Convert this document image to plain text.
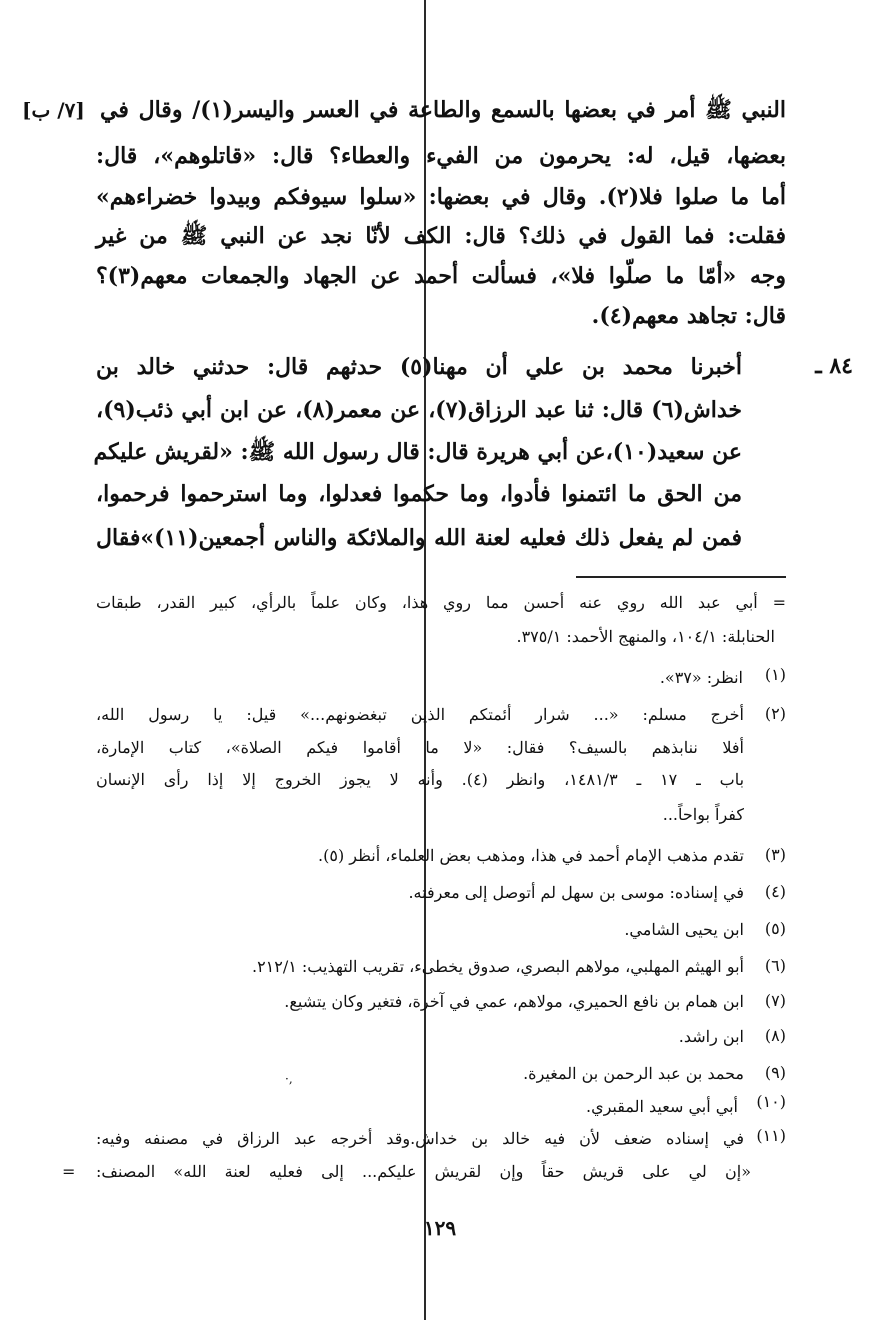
[٧/ ب] النبي ﷺ أمر في بعضها بالسمع والطاعة في العسر واليسر(١)/ وقال في
بعضها، قيل، له: يحرمون من الفيء والعطاء؟ قال: «قاتلوهم»، قال:
أما ما صلوا فلا(٢). وقال في بعضها: «سلوا سيوفكم وبيدوا خضراءهم»
فقلت: فما القول في ذلك؟ قال: الكف لأنّا نجد عن النبي ﷺ من غير
وجه «أمّا ما صلّوا فلا»، فسألت أحمد عن الجهاد والجمعات معهم(٣)؟
قال: تجاهد معهم(٤).
٨٤ ـ
أخبرنا محمد بن علي أن مهنا(٥) حدثهم قال: حدثني خالد بن
خداش(٦) قال: ثنا عبد الرزاق(٧)، عن معمر(٨)، عن ابن أبي ذئب(٩)،
عن سعيد(١٠)،عن أبي هريرة قال: قال رسول الله ﷺ: «لقريش عليكم
من الحق ما ائتمنوا فأدوا، وما حكموا فعدلوا، وما استرحموا فرحموا،
فمن لم يفعل ذلك فعليه لعنة الله والملائكة والناس أجمعين(١١)»فقال
= أبي عبد الله روي عنه أحسن مما روي هذا، وكان علماً بالرأي، كبير القدر، طبقات
الحنابلة: ١٠٤/١، والمنهج الأحمد: ٣٧٥/١.
(١)
انظر: «٣٧».
(٢)
أخرج مسلم: «... شرار أئمتكم الذين تبغضونهم...» قيل: يا رسول الله،
أفلا ننابذهم بالسيف؟ فقال: «لا ما أقاموا فيكم الصلاة»، كتاب الإمارة،
باب ـ ١٧ ـ ١٤٨١/٣، وانظر (٤). وأنه لا يجوز الخروج إلا إذا رأى الإنسان
كفراً بواحاً...
(٣)
تقدم مذهب الإمام أحمد في هذا، ومذهب بعض العلماء، أنظر (٥).
(٤)
في إسناده: موسى بن سهل لم أتوصل إلى معرفته.
(٥)
ابن يحيى الشامي.
(٦)
أبو الهيثم المهلبي، مولاهم البصري، صدوق يخطىء، تقريب التهذيب: ٢١٢/١.
(٧)
ابن همام بن نافع الحميري، مولاهم، عمي في آخرة، فتغير وكان يتشيع.
(٨)
ابن راشد.
(٩)
محمد بن عبد الرحمن بن المغيرة.
(١٠)
أبي أبي سعيد المقبري.
(١١)
في إسناده ضعف لأن فيه خالد بن خداش.وقد أخرجه عبد الرزاق في مصنفه وفيه:
«إن لي على قريش حقاً وإن لقريش عليكم... إلى فعليه لعنة الله» المصنف:
=
·,
١٢٩
